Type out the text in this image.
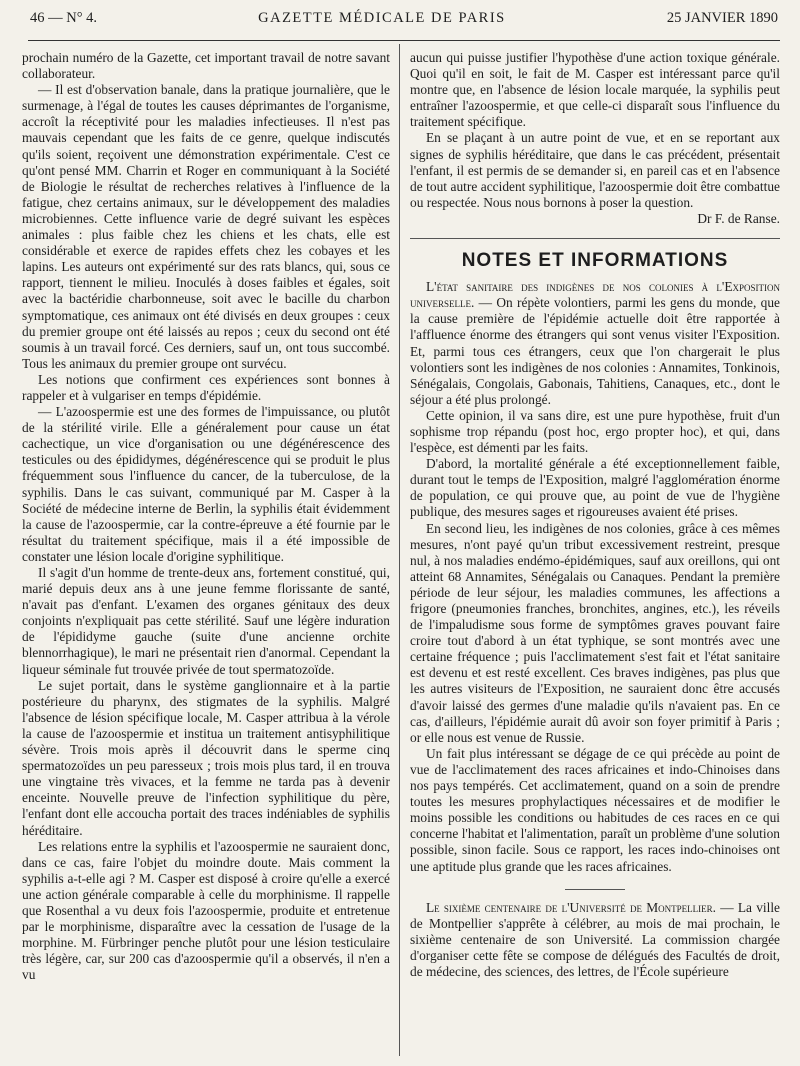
46 — N° 4.	GAZETTE MÉDICALE DE PARIS	25 JANVIER 1890

prochain numéro de la Gazette, cet important travail de notre savant collaborateur.

— Il est d'observation banale, dans la pratique journalière, que le surmenage, à l'égal de toutes les causes déprimantes de l'organisme, accroît la réceptivité pour les maladies infectieuses. Il n'est pas mauvais cependant que les faits de ce genre, quelque indiscutés qu'ils soient, reçoivent une démonstration expérimentale. C'est ce qu'ont pensé MM. Charrin et Roger en communiquant à la Société de Biologie le résultat de recherches relatives à l'influence de la fatigue, chez certains animaux, sur le développement des maladies microbiennes. Cette influence varie de degré suivant les espèces animales : plus faible chez les chiens et les chats, elle est considérable et exerce de rapides effets chez les cobayes et les lapins. Les auteurs ont expérimenté sur des rats blancs, qui, sous ce rapport, tiennent le milieu. Inoculés à doses faibles et égales, soit avec la bactéridie charbonneuse, soit avec le bacille du charbon symptomatique, ces animaux ont été divisés en deux groupes : ceux du premier groupe ont été laissés au repos ; ceux du second ont été soumis à un travail forcé. Ces derniers, sauf un, ont tous succombé. Tous les animaux du premier groupe ont survécu.

Les notions que confirment ces expériences sont bonnes à rappeler et à vulgariser en temps d'épidémie.

— L'azoospermie est une des formes de l'impuissance, ou plutôt de la stérilité virile. Elle a généralement pour cause un état cachectique, un vice d'organisation ou une dégénérescence des testicules ou des épididymes, dégénérescence qui se produit le plus fréquemment sous l'influence du cancer, de la tuberculose, de la syphilis. Dans le cas suivant, communiqué par M. Casper à la Société de médecine interne de Berlin, la syphilis était évidemment la cause de l'azoospermie, car la contre-épreuve a été fournie par le résultat du traitement spécifique, mais il a été impossible de constater une lésion locale d'origine syphilitique.

Il s'agit d'un homme de trente-deux ans, fortement constitué, qui, marié depuis deux ans à une jeune femme florissante de santé, n'avait pas d'enfant. L'examen des organes génitaux des deux conjoints n'expliquait pas cette stérilité. Sauf une légère induration de l'épididyme gauche (suite d'une ancienne orchite blennorrhagique), le mari ne présentait rien d'anormal. Cependant la liqueur séminale fut trouvée privée de tout spermatozoïde.

Le sujet portait, dans le système ganglionnaire et à la partie postérieure du pharynx, des stigmates de la syphilis. Malgré l'absence de lésion spécifique locale, M. Casper attribua à la vérole la cause de l'azoospermie et institua un traitement antisyphilitique sévère. Trois mois après il découvrit dans le sperme cinq spermatozoïdes un peu paresseux ; trois mois plus tard, il en trouva une vingtaine très vivaces, et la femme ne tarda pas à devenir enceinte. Nouvelle preuve de l'infection syphilitique du père, l'enfant dont elle accoucha portait des traces indéniables de syphilis héréditaire.

Les relations entre la syphilis et l'azoospermie ne sauraient donc, dans ce cas, faire l'objet du moindre doute. Mais comment la syphilis a-t-elle agi ? M. Casper est disposé à croire qu'elle a exercé une action générale comparable à celle du morphinisme. Il rappelle que Rosenthal a vu deux fois l'azoospermie, produite et entretenue par le morphinisme, disparaître avec la cessation de l'usage de la morphine. M. Fürbringer penche plutôt pour une lésion testiculaire très légère, car, sur 200 cas d'azoospermie qu'il a observés, il n'en a vu

aucun qui puisse justifier l'hypothèse d'une action toxique générale. Quoi qu'il en soit, le fait de M. Casper est intéressant parce qu'il montre que, en l'absence de lésion locale marquée, la syphilis peut entraîner l'azoospermie, et que celle-ci disparaît sous l'influence du traitement spécifique.

En se plaçant à un autre point de vue, et en se reportant aux signes de syphilis héréditaire, que dans le cas précédent, présentait l'enfant, il est permis de se demander si, en pareil cas et en l'absence de tout autre accident syphilitique, l'azoospermie doit être combattue ou respectée. Nous nous bornons à poser la question.

Dr F. de Ranse.
NOTES ET INFORMATIONS

L'état sanitaire des indigènes de nos colonies à l'Exposition universelle. — On répète volontiers, parmi les gens du monde, que la cause première de l'épidémie actuelle doit être rapportée à l'affluence énorme des étrangers qui sont venus visiter l'Exposition. Et, parmi tous ces étrangers, ceux que l'on chargerait le plus volontiers sont les indigènes de nos colonies : Annamites, Tonkinois, Sénégalais, Congolais, Gabonais, Tahitiens, Canaques, etc., dont le séjour a été plus prolongé.

Cette opinion, il va sans dire, est une pure hypothèse, fruit d'un sophisme trop répandu (post hoc, ergo propter hoc), et qui, dans l'espèce, est démenti par les faits.

D'abord, la mortalité générale a été exceptionnellement faible, durant tout le temps de l'Exposition, malgré l'agglomération énorme de population, ce qui prouve que, au point de vue de l'hygiène publique, des mesures sages et rigoureuses avaient été prises.

En second lieu, les indigènes de nos colonies, grâce à ces mêmes mesures, n'ont payé qu'un tribut excessivement restreint, presque nul, à nos maladies endémo-épidémiques, sauf aux oreillons, qui ont atteint 68 Annamites, Sénégalais ou Canaques. Pendant la première période de leur séjour, les maladies communes, les affections a frigore (pneumonies franches, bronchites, angines, etc.), les réveils de l'impaludisme sous forme de symptômes graves pouvant faire croire tout d'abord à un état typhique, se sont montrés avec une certaine fréquence ; puis l'acclimatement s'est fait et l'état sanitaire est devenu et est resté excellent. Ces braves indigènes, pas plus que les autres visiteurs de l'Exposition, ne sauraient donc être accusés d'avoir laissé des germes d'une maladie qu'ils n'avaient pas. En ce cas, d'ailleurs, l'épidémie aurait dû avoir son foyer primitif à Paris ; or elle nous est venue de Russie.

Un fait plus intéressant se dégage de ce qui précède au point de vue de l'acclimatement des races africaines et indo-Chinoises dans nos pays tempérés. Cet acclimatement, quand on a soin de prendre toutes les mesures prophylactiques nécessaires et de modifier le moins possible les conditions ou habitudes de ces races en ce qui concerne l'habitat et l'alimentation, paraît un problème d'une solution possible, sinon facile. Sous ce rapport, les races indo-chinoises ont une aptitude plus grande que les races africaines.

Le sixième centenaire de l'Université de Montpellier. — La ville de Montpellier s'apprête à célébrer, au mois de mai prochain, le sixième centenaire de son Université. La commission chargée d'organiser cette fête se compose de délégués des Facultés de droit, de médecine, des sciences, des lettres, de l'École supérieure
